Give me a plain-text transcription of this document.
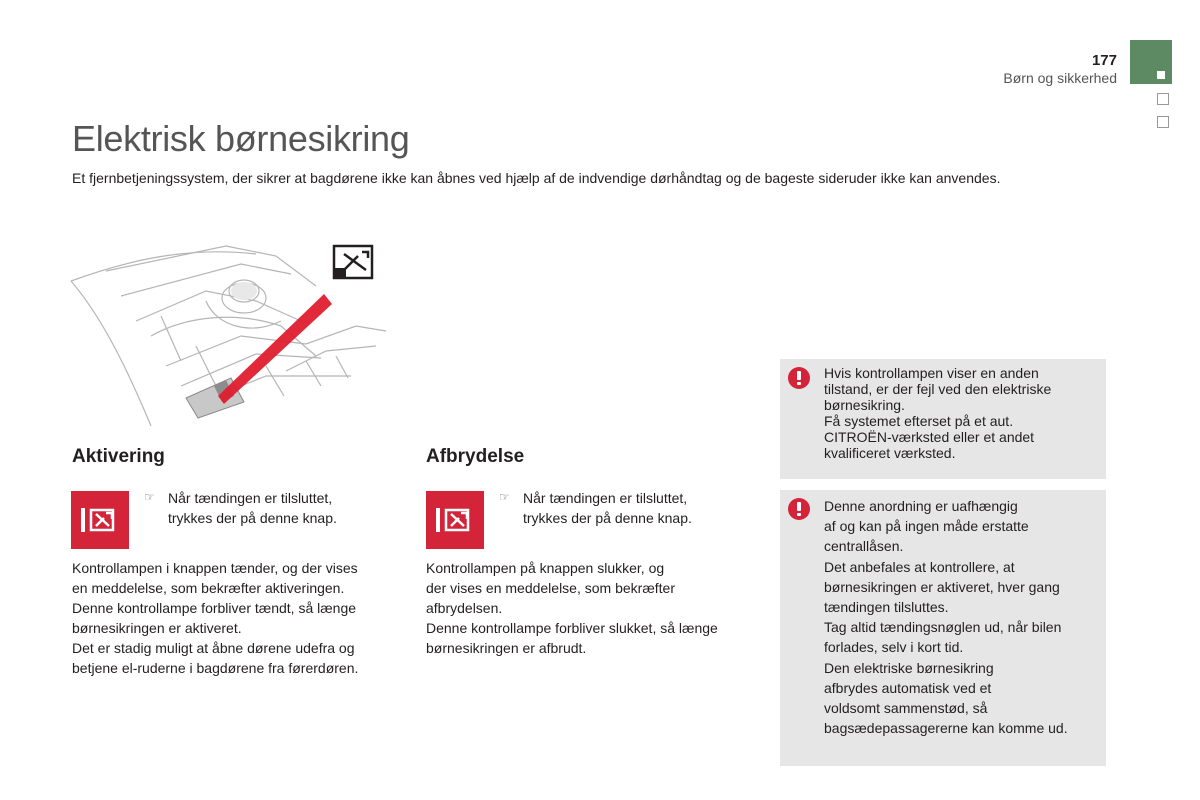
177
Børn og sikkerhed
Elektrisk børnesikring
Et fjernbetjeningssystem, der sikrer at bagdørene ikke kan åbnes ved hjælp af de indvendige dørhåndtag og de bageste sideruder ikke kan anvendes.
Aktivering
☞ Når tændingen er tilsluttet,
trykkes der på denne knap.
Kontrollampen i knappen tænder, og der vises
en meddelelse, som bekræfter aktiveringen.
Denne kontrollampe forbliver tændt, så længe
børnesikringen er aktiveret.
Det er stadig muligt at åbne dørene udefra og
betjene el-ruderne i bagdørene fra førerdøren.
Afbrydelse
☞ Når tændingen er tilsluttet,
trykkes der på denne knap.
Kontrollampen på knappen slukker, og
der vises en meddelelse, som bekræfter
afbrydelsen.
Denne kontrollampe forbliver slukket, så længe
børnesikringen er afbrudt.
Hvis kontrollampen viser en anden
tilstand, er der fejl ved den elektriske
børnesikring.
Få systemet efterset på et aut.
CITROËN-værksted eller et andet
kvalificeret værksted.
Denne anordning er uafhængig
af og kan på ingen måde erstatte
centrallåsen.
Det anbefales at kontrollere, at
børnesikringen er aktiveret, hver gang
tændingen tilsluttes.
Tag altid tændingsnøglen ud, når bilen
forlades, selv i kort tid.
Den elektriske børnesikring
afbrydes automatisk ved et
voldsomt sammenstød, så
bagsædepassagererne kan komme ud.
